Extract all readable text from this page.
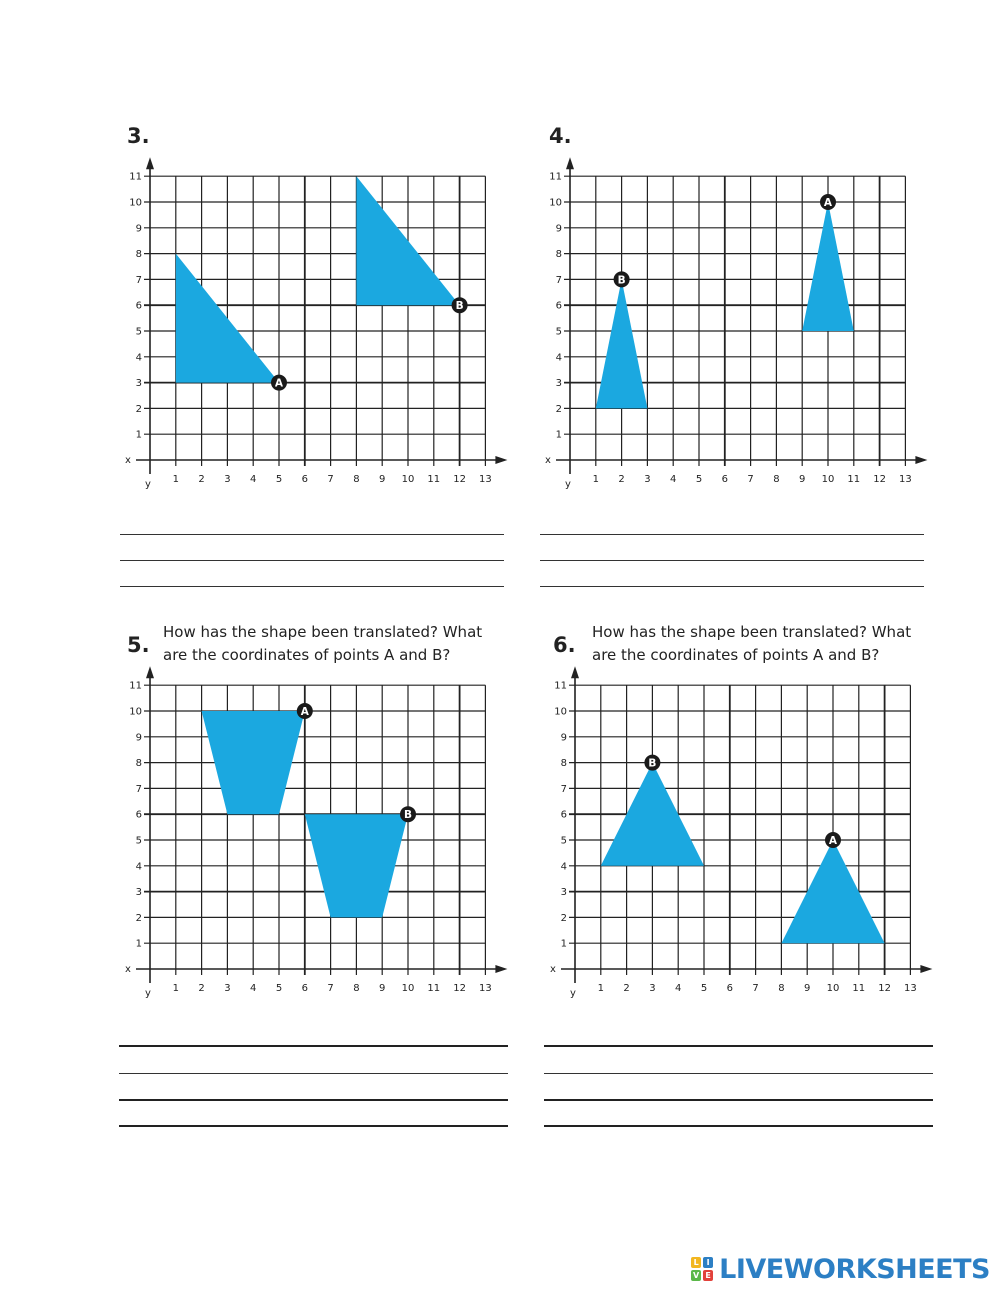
3.
1 2 3 4 5 6 7 8 9 10 11 12 13
1
2
3
4
5
6
7
8
9
10
11
x
y
A
B
4.
1 2 3 4 5 6 7 8 9 10 11 12 13
1
2
3
4
5
6
7
8
9
10
11
x
y
A
B
5.
How has the shape been translated? What
are the coordinates of points A and B?
1 2 3 4 5 6 7 8 9 10 11 12 13
1
2
3
4
5
6
7
8
9
10
11
x
y
A
B
6.
How has the shape been translated? What
are the coordinates of points A and B?
1 2 3 4 5 6 7 8 9 10 11 12 13
1
2
3
4
5
6
7
8
9
10
11
x
y
A
B
L I
V E LIVEWORKSHEETS
